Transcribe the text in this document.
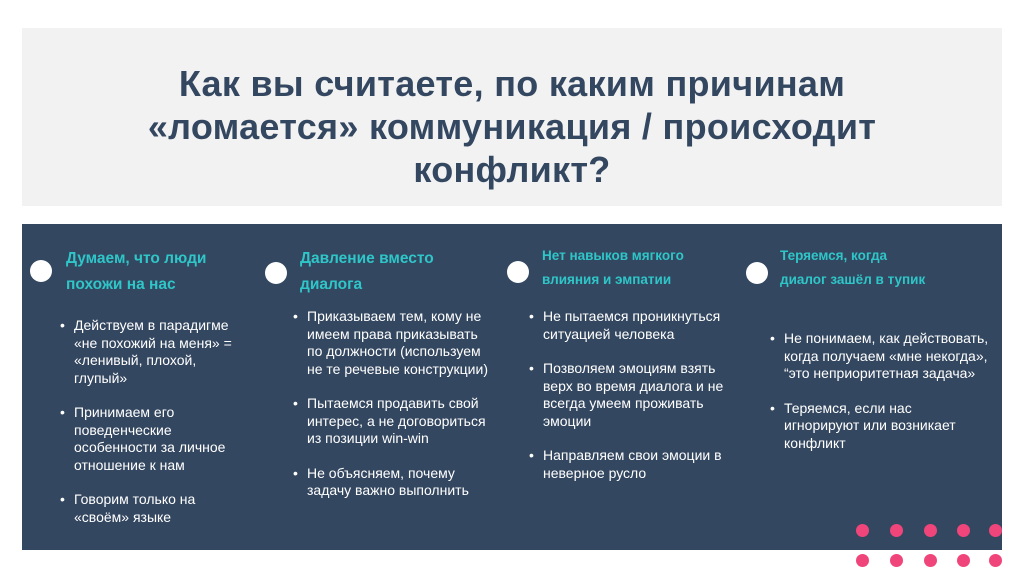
Как вы считаете, по каким причинам
«ломается» коммуникация / происходит
конфликт?
Думаем, что люди
похожи на нас
• Действуем в парадигме «не похожий на меня» = «ленивый, плохой, глупый»
• Принимаем его поведенческие особенности за личное отношение к нам
• Говорим только на «своём» языке
Давление вместо
диалога
• Приказываем тем, кому не имеем права приказывать по должности (используем не те речевые конструкции)
• Пытаемся продавить свой интерес, а не договориться из позиции win-win
• Не объясняем, почему задачу важно выполнить
Нет навыков мягкого
влияния и эмпатии
• Не пытаемся проникнуться ситуацией человека
• Позволяем эмоциям взять верх во время диалога и не всегда умеем проживать эмоции
• Направляем свои эмоции в неверное русло
Теряемся, когда
диалог зашёл в тупик
• Не понимаем, как действовать, когда получаем «мне некогда», “это неприоритетная задача»
• Теряемся, если нас игнорируют или возникает конфликт
